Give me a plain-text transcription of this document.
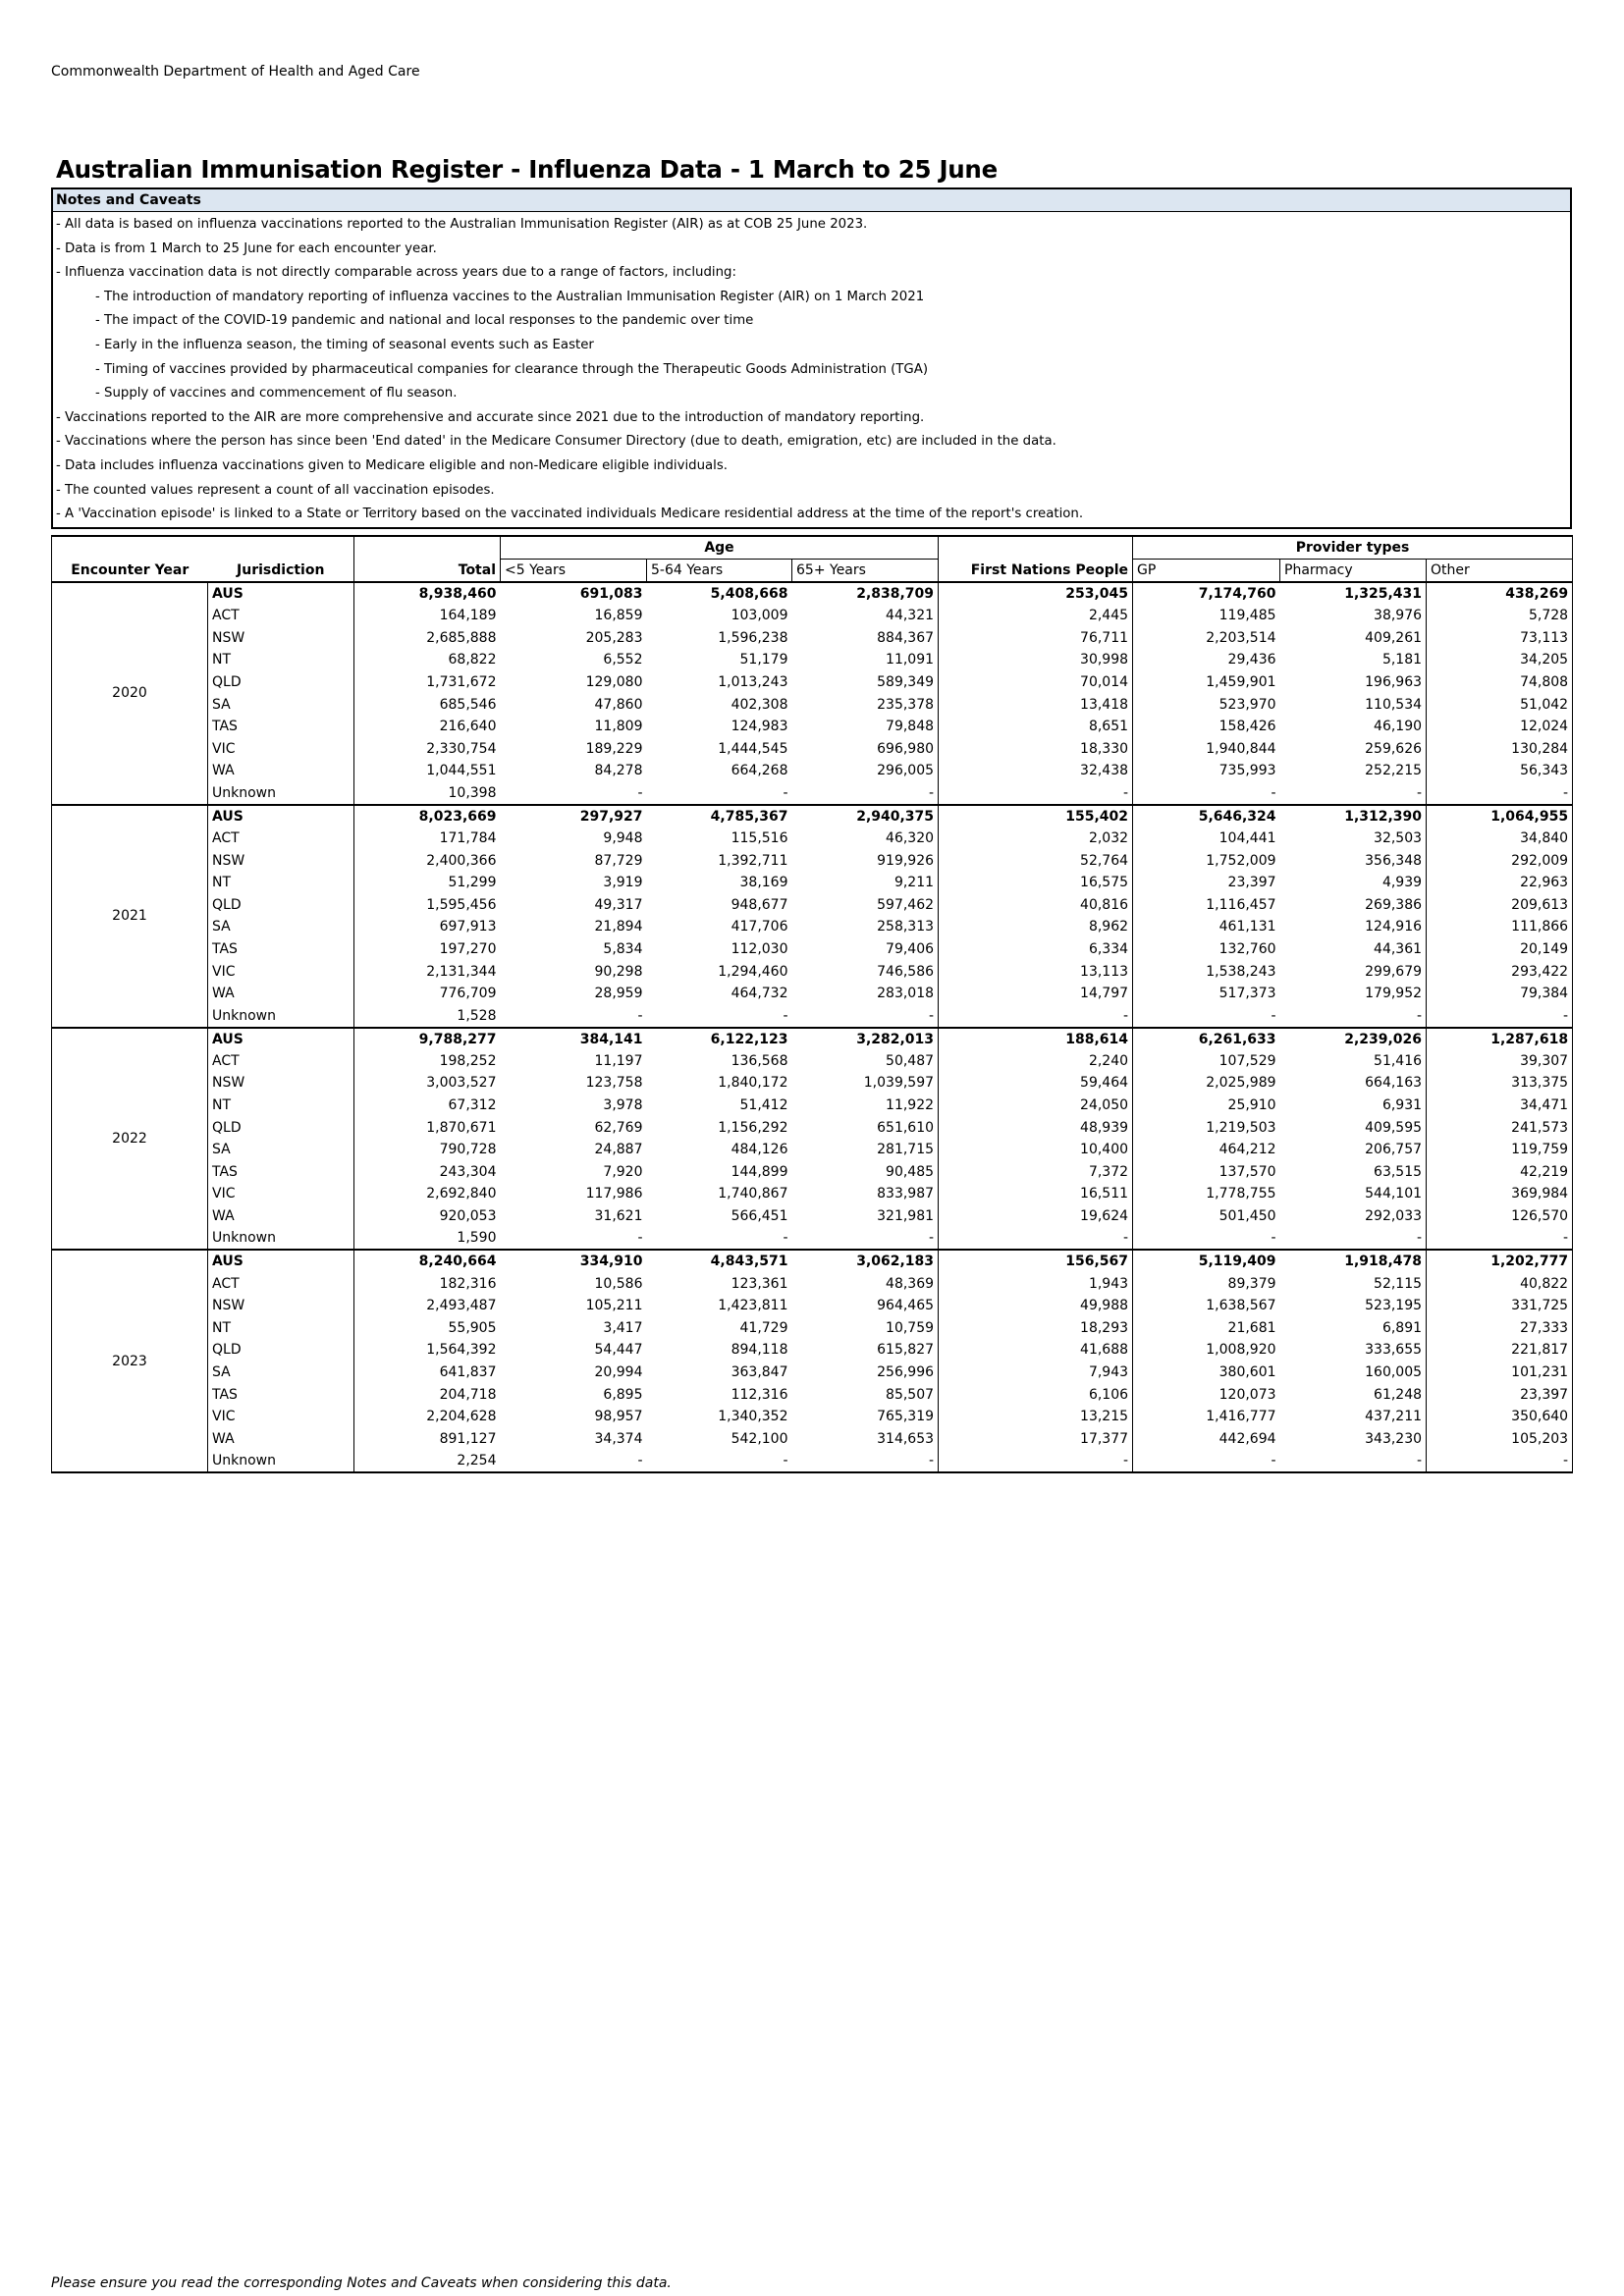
Commonwealth Department of Health and Aged Care
Australian Immunisation Register - Influenza Data - 1 March to 25 June
Notes and Caveats
- All data is based on influenza vaccinations reported to the Australian Immunisation Register (AIR) as at COB 25 June 2023.
- Data is from 1 March to 25 June for each encounter year.
- Influenza vaccination data is not directly comparable across years due to a range of factors, including:
- The introduction of mandatory reporting of influenza vaccines to the Australian Immunisation Register (AIR) on 1 March 2021
- The impact of the COVID-19 pandemic and national and local responses to the pandemic over time
- Early in the influenza season, the timing of seasonal events such as Easter
- Timing of vaccines provided by pharmaceutical companies for clearance through the Therapeutic Goods Administration (TGA)
- Supply of vaccines and commencement of flu season.
- Vaccinations reported to the AIR are more comprehensive and accurate since 2021 due to the introduction of mandatory reporting.
- Vaccinations where the person has since been 'End dated' in the Medicare Consumer Directory (due to death, emigration, etc) are included in the data.
- Data includes influenza vaccinations given to Medicare eligible and non-Medicare eligible individuals.
- The counted values represent a count of all vaccination episodes.
- A 'Vaccination episode' is linked to a State or Territory based on the vaccinated individuals Medicare residential address at the time of the report's creation.
			Age				Provider types		
Encounter Year	Jurisdiction	Total	<5 Years	5-64 Years	65+ Years	First Nations People	GP	Pharmacy	Other
2020	AUS	8,938,460	691,083	5,408,668	2,838,709	253,045	7,174,760	1,325,431	438,269
	ACT	164,189	16,859	103,009	44,321	2,445	119,485	38,976	5,728
	NSW	2,685,888	205,283	1,596,238	884,367	76,711	2,203,514	409,261	73,113
	NT	68,822	6,552	51,179	11,091	30,998	29,436	5,181	34,205
	QLD	1,731,672	129,080	1,013,243	589,349	70,014	1,459,901	196,963	74,808
	SA	685,546	47,860	402,308	235,378	13,418	523,970	110,534	51,042
	TAS	216,640	11,809	124,983	79,848	8,651	158,426	46,190	12,024
	VIC	2,330,754	189,229	1,444,545	696,980	18,330	1,940,844	259,626	130,284
	WA	1,044,551	84,278	664,268	296,005	32,438	735,993	252,215	56,343
	Unknown	10,398	-	-	-	-	-	-	-
2021	AUS	8,023,669	297,927	4,785,367	2,940,375	155,402	5,646,324	1,312,390	1,064,955
	ACT	171,784	9,948	115,516	46,320	2,032	104,441	32,503	34,840
	NSW	2,400,366	87,729	1,392,711	919,926	52,764	1,752,009	356,348	292,009
	NT	51,299	3,919	38,169	9,211	16,575	23,397	4,939	22,963
	QLD	1,595,456	49,317	948,677	597,462	40,816	1,116,457	269,386	209,613
	SA	697,913	21,894	417,706	258,313	8,962	461,131	124,916	111,866
	TAS	197,270	5,834	112,030	79,406	6,334	132,760	44,361	20,149
	VIC	2,131,344	90,298	1,294,460	746,586	13,113	1,538,243	299,679	293,422
	WA	776,709	28,959	464,732	283,018	14,797	517,373	179,952	79,384
	Unknown	1,528	-	-	-	-	-	-	-
2022	AUS	9,788,277	384,141	6,122,123	3,282,013	188,614	6,261,633	2,239,026	1,287,618
	ACT	198,252	11,197	136,568	50,487	2,240	107,529	51,416	39,307
	NSW	3,003,527	123,758	1,840,172	1,039,597	59,464	2,025,989	664,163	313,375
	NT	67,312	3,978	51,412	11,922	24,050	25,910	6,931	34,471
	QLD	1,870,671	62,769	1,156,292	651,610	48,939	1,219,503	409,595	241,573
	SA	790,728	24,887	484,126	281,715	10,400	464,212	206,757	119,759
	TAS	243,304	7,920	144,899	90,485	7,372	137,570	63,515	42,219
	VIC	2,692,840	117,986	1,740,867	833,987	16,511	1,778,755	544,101	369,984
	WA	920,053	31,621	566,451	321,981	19,624	501,450	292,033	126,570
	Unknown	1,590	-	-	-	-	-	-	-
2023	AUS	8,240,664	334,910	4,843,571	3,062,183	156,567	5,119,409	1,918,478	1,202,777
	ACT	182,316	10,586	123,361	48,369	1,943	89,379	52,115	40,822
	NSW	2,493,487	105,211	1,423,811	964,465	49,988	1,638,567	523,195	331,725
	NT	55,905	3,417	41,729	10,759	18,293	21,681	6,891	27,333
	QLD	1,564,392	54,447	894,118	615,827	41,688	1,008,920	333,655	221,817
	SA	641,837	20,994	363,847	256,996	7,943	380,601	160,005	101,231
	TAS	204,718	6,895	112,316	85,507	6,106	120,073	61,248	23,397
	VIC	2,204,628	98,957	1,340,352	765,319	13,215	1,416,777	437,211	350,640
	WA	891,127	34,374	542,100	314,653	17,377	442,694	343,230	105,203
	Unknown	2,254	-	-	-	-	-	-	-
Please ensure you read the corresponding Notes and Caveats when considering this data.
